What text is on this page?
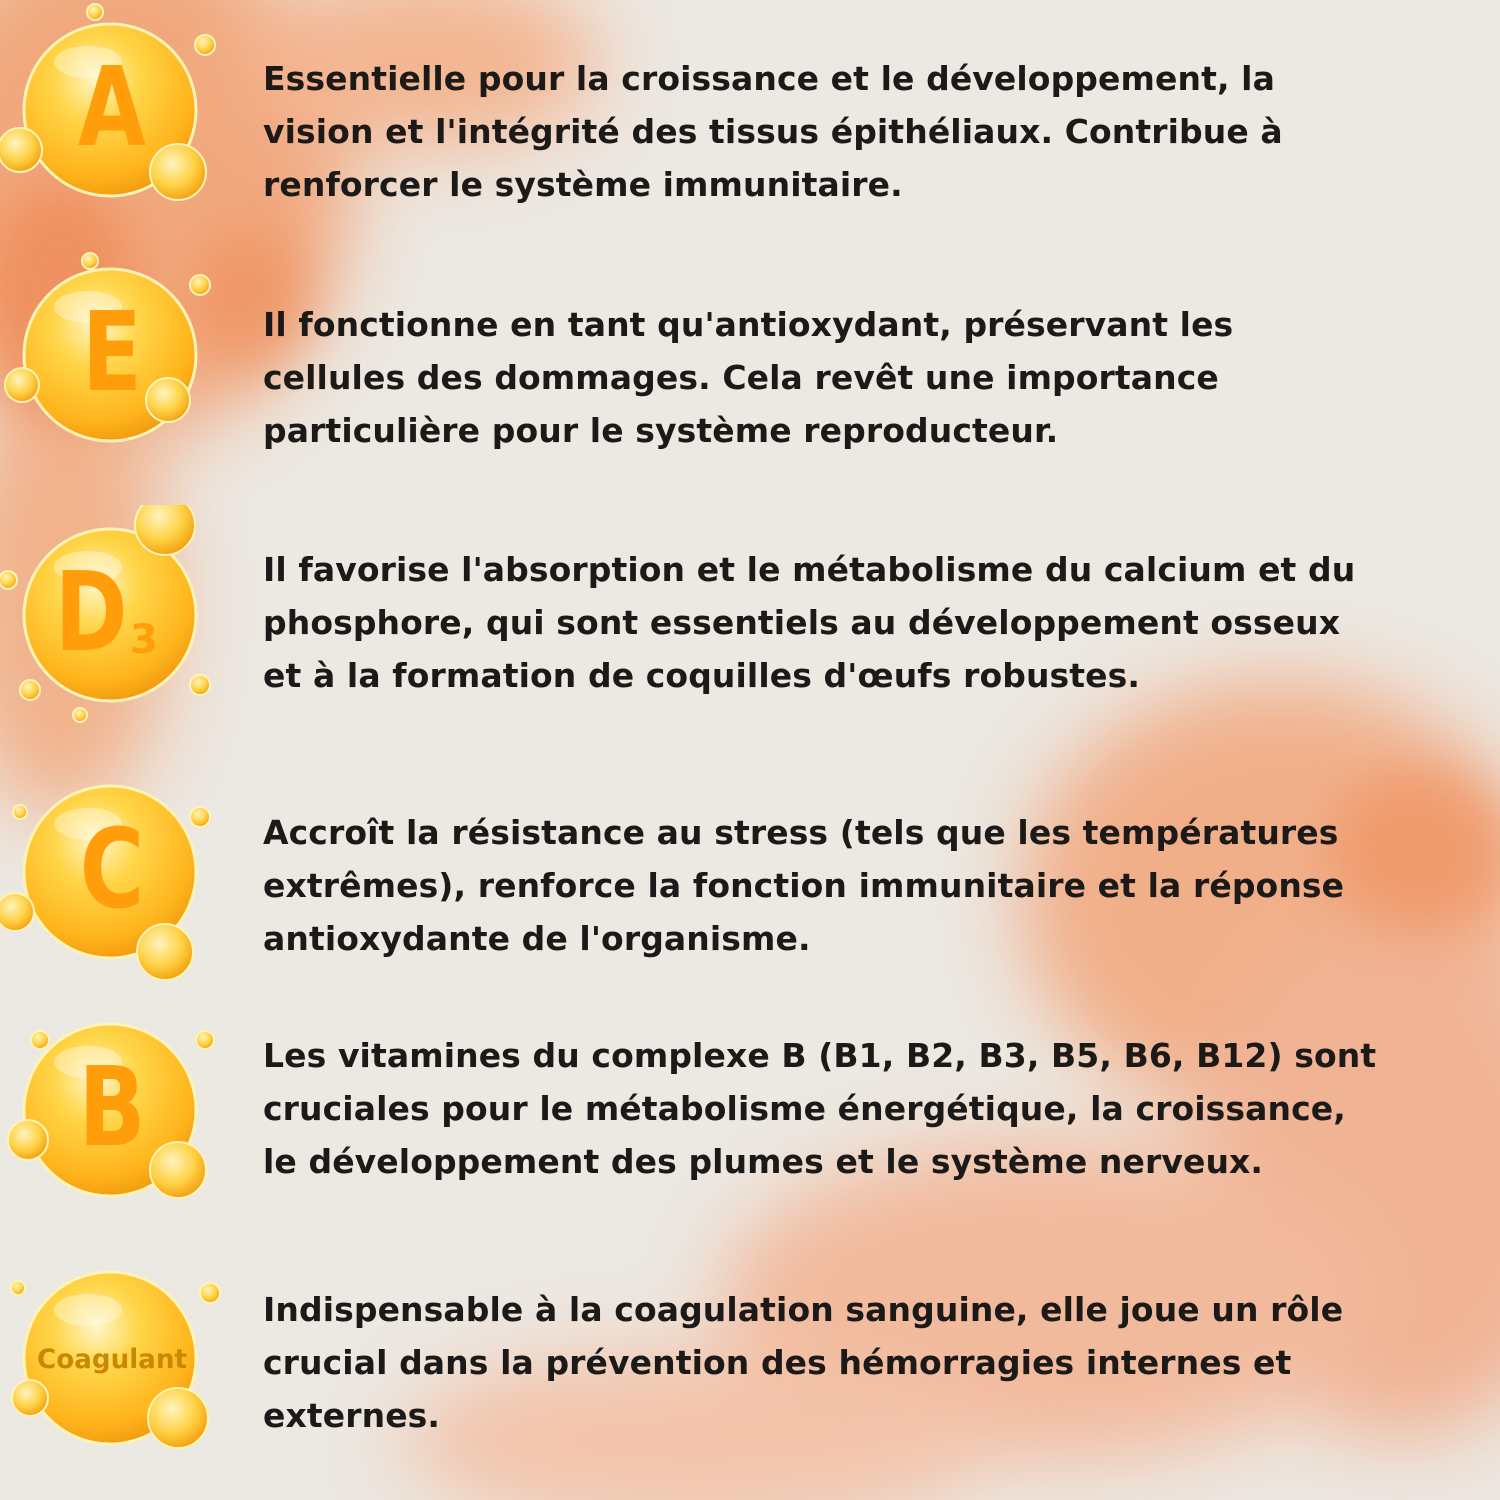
A	Essentielle pour la croissance et le développement, la
vision et l'intégrité des tissus épithéliaux. Contribue à
renforcer le système immunitaire.

E	Il fonctionne en tant qu'antioxydant, préservant les
cellules des dommages. Cela revêt une importance
particulière pour le système reproducteur.

D 3

Il favorise l'absorption et le métabolisme du calcium et du
phosphore, qui sont essentiels au développement osseux
et à la formation de coquilles d'œufs robustes.

C	Accroît la résistance au stress (tels que les températures
extrêmes), renforce la fonction immunitaire et la réponse
antioxydante de l'organisme.

B	Les vitamines du complexe B (B1, B2, B3, B5, B6, B12) sont
cruciales pour le métabolisme énergétique, la croissance,
le développement des plumes et le système nerveux.

Coagulant

Indispensable à la coagulation sanguine, elle joue un rôle
crucial dans la prévention des hémorragies internes et
externes.
